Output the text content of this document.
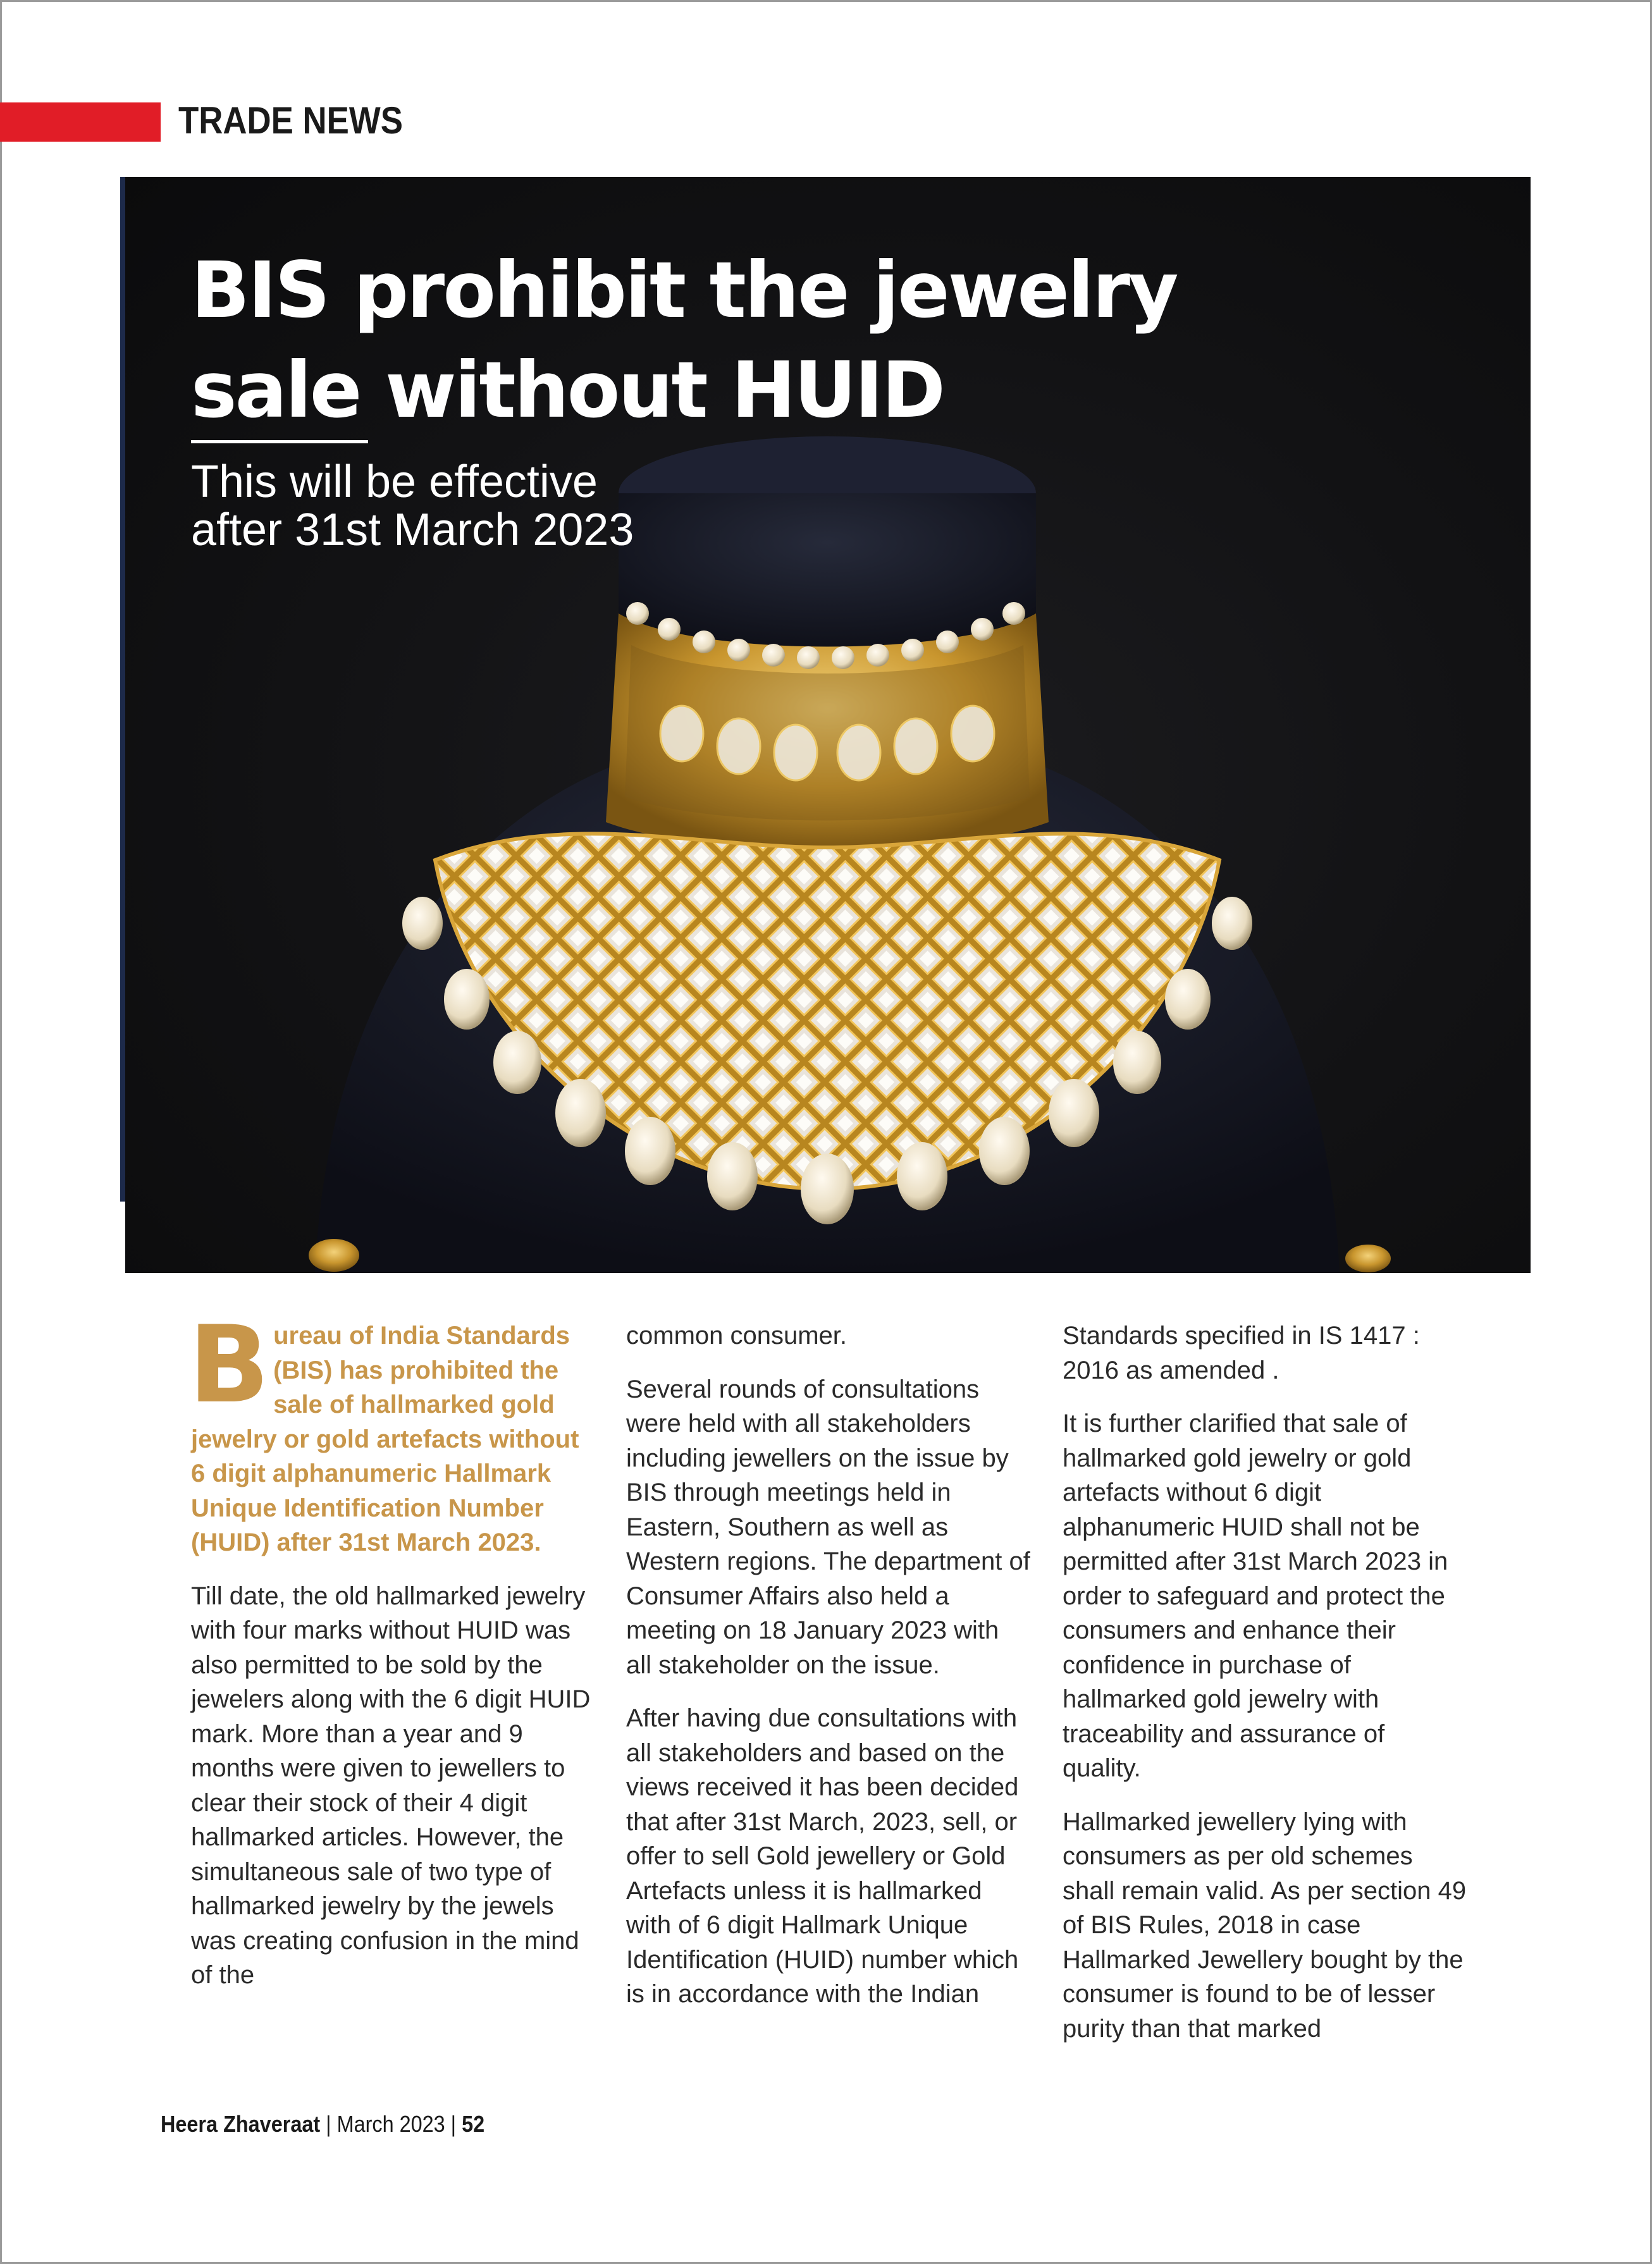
TRADE NEWS
BIS prohibit the jewelry
sale without HUID
This will be effective
after 31st March 2023

Bureau of India Standards (BIS) has prohibited the sale of hallmarked gold jewelry or gold artefacts without 6 digit alphanumeric Hallmark Unique Identification Number (HUID) after 31st March 2023.

Till date, the old hallmarked jewelry with four marks without HUID was also permitted to be sold by the jewelers along with the 6 digit HUID mark. More than a year and 9 months were given to jewellers to clear their stock of their 4 digit hallmarked articles. However, the simultaneous sale of two type of hallmarked jewelry by the jewels was creating confusion in the mind of the

common consumer.

Several rounds of consultations were held with all stakeholders including jewellers on the issue by BIS through meetings held in Eastern, Southern as well as Western regions. The department of Consumer Affairs also held a meeting on 18 January 2023 with all stakeholder on the issue.

After having due consultations with all stakeholders and based on the views received it has been decided that after 31st March, 2023, sell, or offer to sell Gold jewellery or Gold Artefacts unless it is hallmarked with of 6 digit Hallmark Unique Identification (HUID) number which is in accordance with the Indian

Standards specified in IS 1417 : 2016 as amended .

It is further clarified that sale of hallmarked gold jewelry or gold artefacts without 6 digit alphanumeric HUID shall not be permitted after 31st March 2023 in order to safeguard and protect the consumers and enhance their confidence in purchase of hallmarked gold jewelry with traceability and assurance of quality.

Hallmarked jewellery lying with consumers as per old schemes shall remain valid. As per section 49 of BIS Rules, 2018 in case Hallmarked Jewellery bought by the consumer is found to be of lesser purity than that marked

Heera Zhaveraat | March 2023 | 52
